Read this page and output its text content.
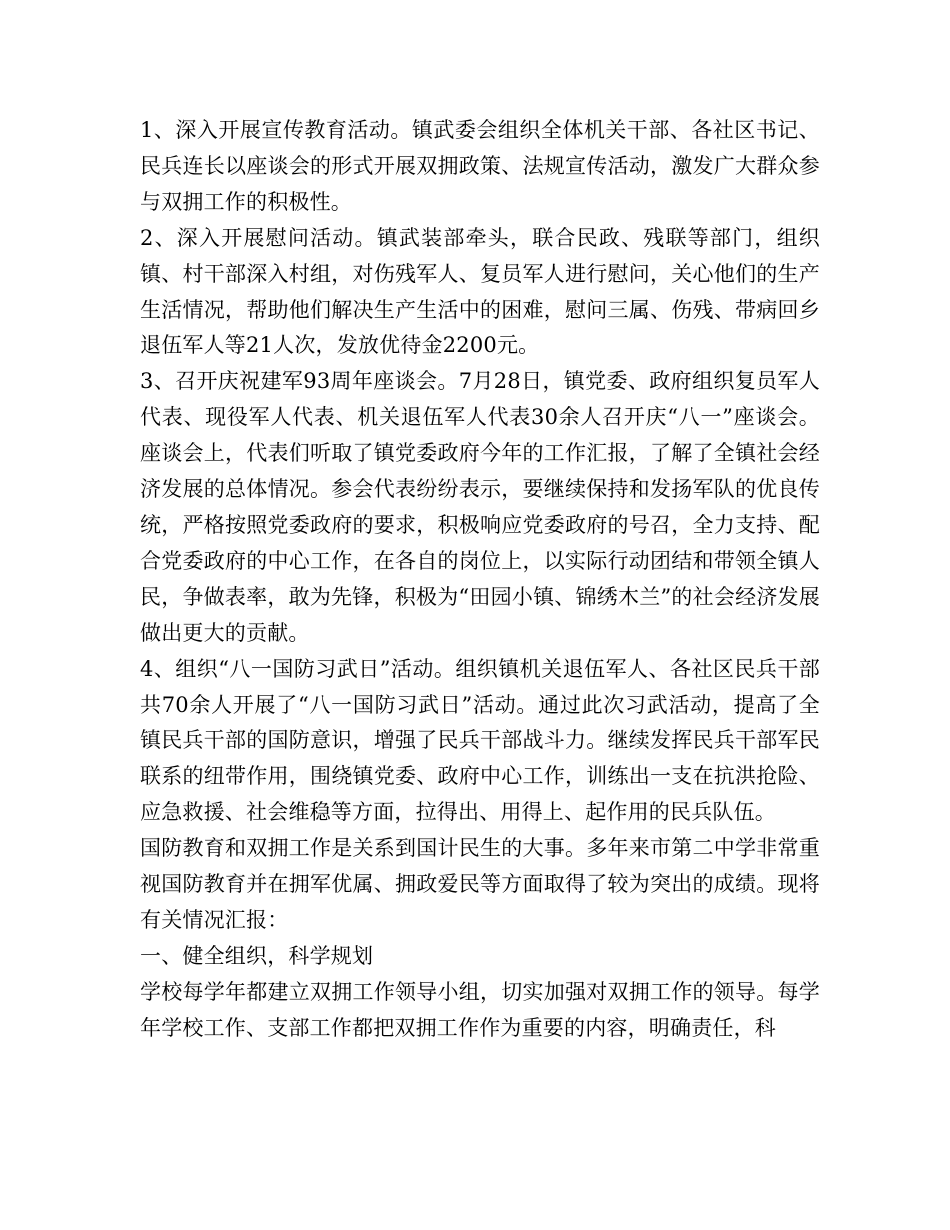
1、深入开展宣传教育活动。镇武委会组织全体机关干部、各社区书记、民兵连长以座谈会的形式开展双拥政策、法规宣传活动，激发广大群众参与双拥工作的积极性。

2、深入开展慰问活动。镇武装部牵头，联合民政、残联等部门，组织镇、村干部深入村组，对伤残军人、复员军人进行慰问，关心他们的生产生活情况，帮助他们解决生产生活中的困难，慰问三属、伤残、带病回乡退伍军人等21人次，发放优待金2200元。

3、召开庆祝建军93周年座谈会。7月28日，镇党委、政府组织复员军人代表、现役军人代表、机关退伍军人代表30余人召开庆“八一”座谈会。座谈会上，代表们听取了镇党委政府今年的工作汇报，了解了全镇社会经济发展的总体情况。参会代表纷纷表示，要继续保持和发扬军队的优良传统，严格按照党委政府的要求，积极响应党委政府的号召，全力支持、配合党委政府的中心工作，在各自的岗位上，以实际行动团结和带领全镇人民，争做表率，敢为先锋，积极为“田园小镇、锦绣木兰”的社会经济发展做出更大的贡献。

4、组织“八一国防习武日”活动。组织镇机关退伍军人、各社区民兵干部共70余人开展了“八一国防习武日”活动。通过此次习武活动，提高了全镇民兵干部的国防意识，增强了民兵干部战斗力。继续发挥民兵干部军民联系的纽带作用，围绕镇党委、政府中心工作，训练出一支在抗洪抢险、应急救援、社会维稳等方面，拉得出、用得上、起作用的民兵队伍。

国防教育和双拥工作是关系到国计民生的大事。多年来市第二中学非常重视国防教育并在拥军优属、拥政爱民等方面取得了较为突出的成绩。现将有关情况汇报：

一、健全组织，科学规划

学校每学年都建立双拥工作领导小组，切实加强对双拥工作的领导。每学年学校工作、支部工作都把双拥工作作为重要的内容，明确责任，科
